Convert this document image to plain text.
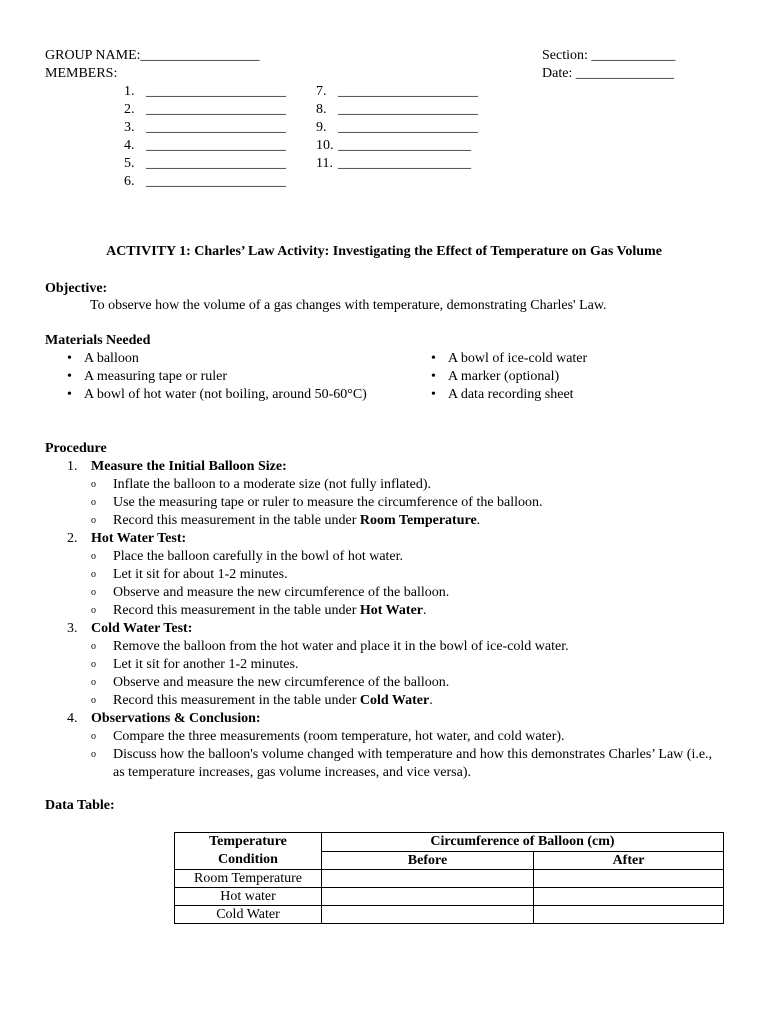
GROUP NAME:_________________
MEMBERS:
Section: ____________
Date: ______________
1. ____________________
2. ____________________
3. ____________________
4. ____________________
5. ____________________
6. ____________________
7. ____________________
8. ____________________
9. ____________________
10. ___________________
11. ___________________
ACTIVITY 1: Charles’ Law Activity: Investigating the Effect of Temperature on Gas Volume
Objective:
To observe how the volume of a gas changes with temperature, demonstrating Charles' Law.
Materials Needed
• A balloon
• A measuring tape or ruler
• A bowl of hot water (not boiling, around 50-60°C)
• A bowl of ice-cold water
• A marker (optional)
• A data recording sheet
Procedure
1. Measure the Initial Balloon Size:
o Inflate the balloon to a moderate size (not fully inflated).
o Use the measuring tape or ruler to measure the circumference of the balloon.
o Record this measurement in the table under Room Temperature.
2. Hot Water Test:
o Place the balloon carefully in the bowl of hot water.
o Let it sit for about 1-2 minutes.
o Observe and measure the new circumference of the balloon.
o Record this measurement in the table under Hot Water.
3. Cold Water Test:
o Remove the balloon from the hot water and place it in the bowl of ice-cold water.
o Let it sit for another 1-2 minutes.
o Observe and measure the new circumference of the balloon.
o Record this measurement in the table under Cold Water.
4. Observations & Conclusion:
o Compare the three measurements (room temperature, hot water, and cold water).
o Discuss how the balloon's volume changed with temperature and how this demonstrates Charles’ Law (i.e., as temperature increases, gas volume increases, and vice versa).
Data Table:
Temperature Condition	Circumference of Balloon (cm)	
	Before	After
Room Temperature		
Hot water		
Cold Water		
